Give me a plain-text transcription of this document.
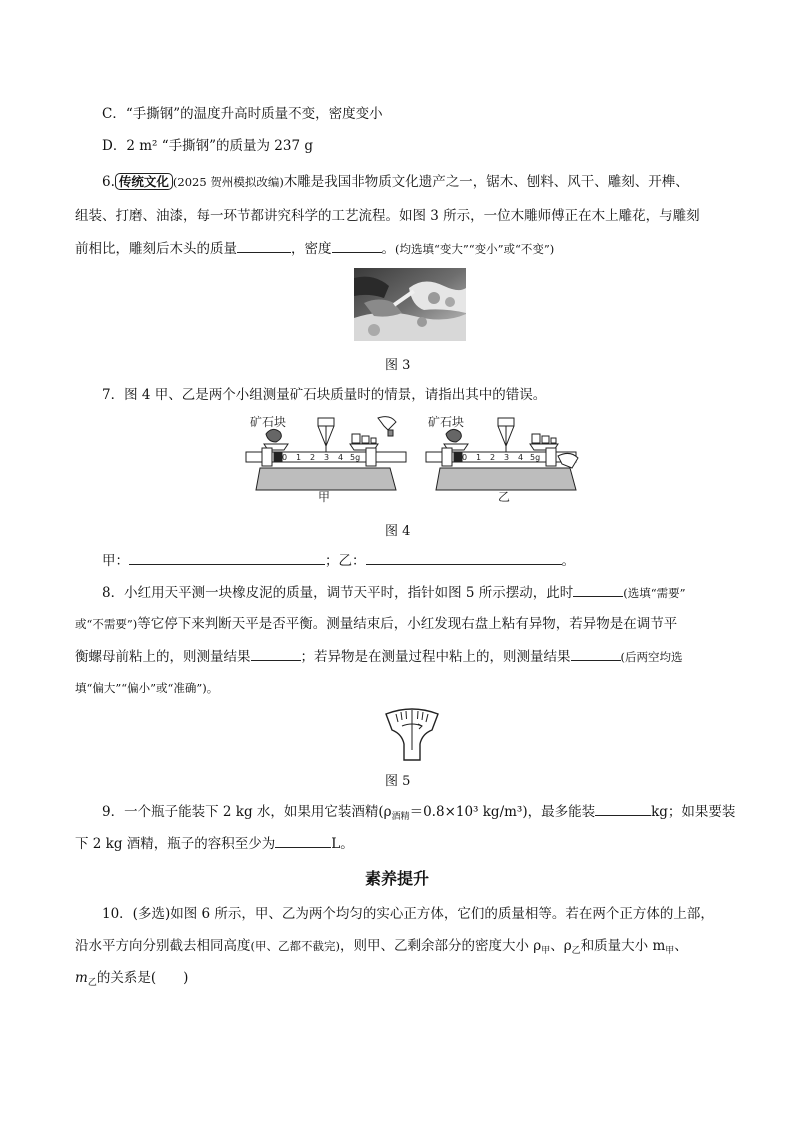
C．“手撕钢”的温度升高时质量不变，密度变小
D．2 m² “手撕钢”的质量为 237 g
6. 传统文化 (2025 贺州模拟改编)木雕是我国非物质文化遗产之一，锯木、刨料、风干、雕刻、开榫、
组装、打磨、油漆，每一环节都讲究科学的工艺流程。如图 3 所示，一位木雕师傅正在木上雕花，与雕刻
前相比，雕刻后木头的质量	，密度	。(均选填“变大”“变小”或“不变”)
图 3
7．图 4 甲、乙是两个小组测量矿石块质量时的情景，请指出其中的错误。
矿石块
0 1 2 3 4 5g
甲
矿石块
0 1 2 3 4 5g
乙
图 4
甲：	；乙：	。
8．小红用天平测一块橡皮泥的质量，调节天平时，指针如图 5 所示摆动，此时	(选填“需要”
或“不需要”)等它停下来判断天平是否平衡。测量结束后，小红发现右盘上粘有异物，若异物是在调节平
衡螺母前粘上的，则测量结果	；若异物是在测量过程中粘上的，则测量结果	(后两空均选
填“偏大”“偏小”或“准确”)。
图 5
9．一个瓶子能装下 2 kg 水，如果用它装酒精($\rho_{酒精}=0.8\times 10^3$ kg/m³)，最多能装	kg；如果要装
下 2 kg 酒精，瓶子的容积至少为	L。
素养提升
10．(多选)如图 6 所示，甲、乙为两个均匀的实心正方体，它们的质量相等。若在两个正方体的上部，
沿水平方向分别截去相同高度(甲、乙都不截完)，则甲、乙剩余部分的密度大小 $\rho_甲$、$\rho_乙$和质量大小 $m_甲$、
$m_乙$的关系是(　　)
